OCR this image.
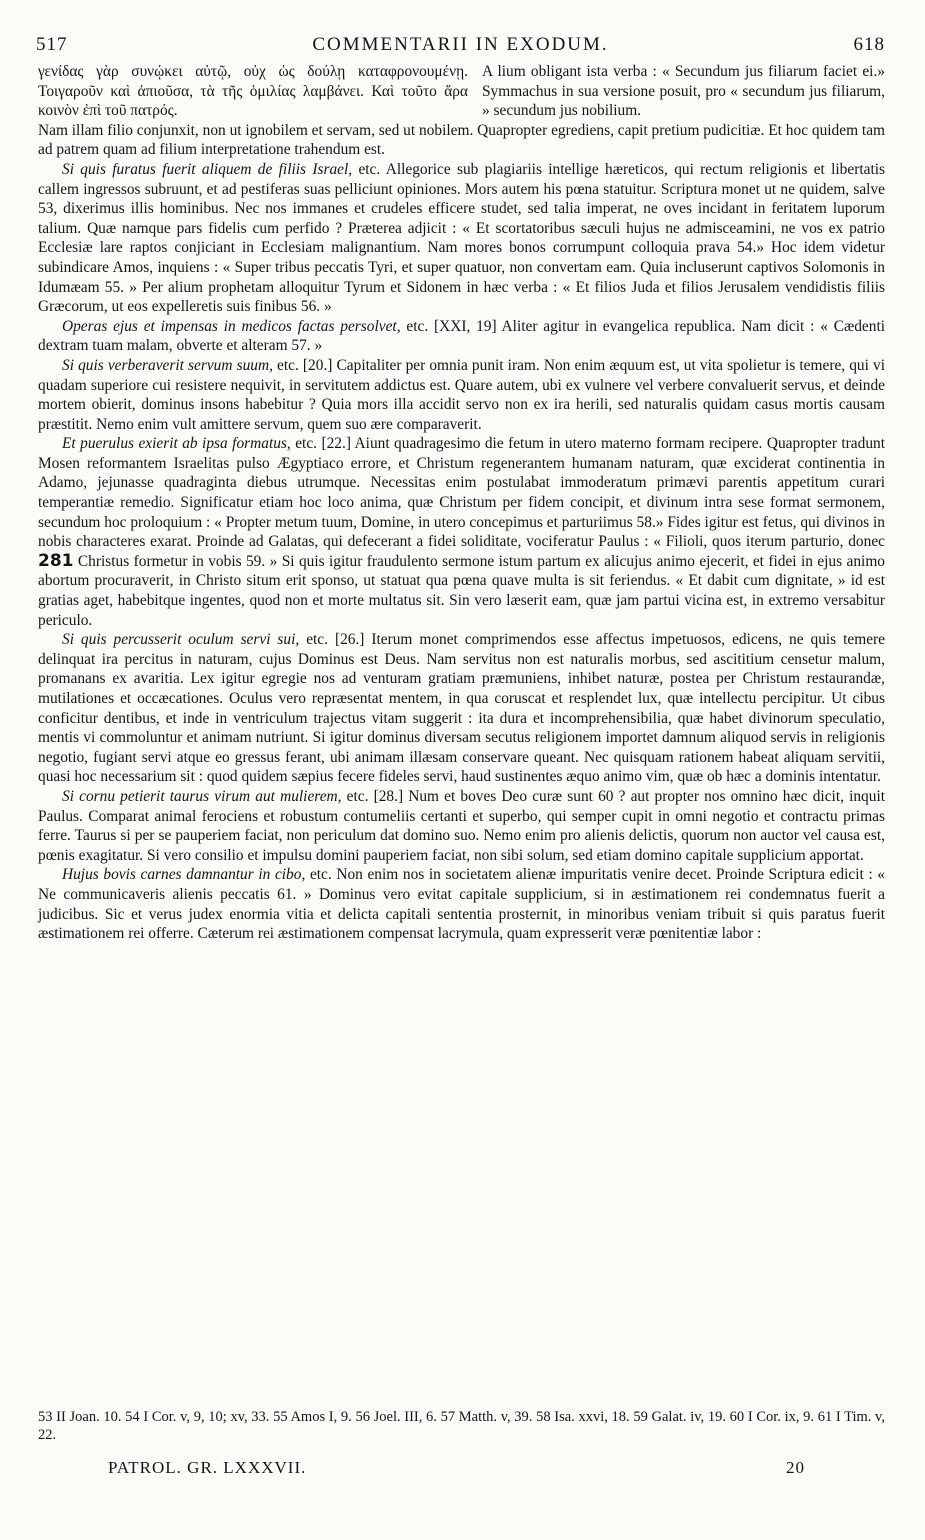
517	COMMENTARII IN EXODUM.	618
γενίδας γὰρ συνῴκει αὐτῷ, οὐχ ὡς δούλῃ καταφρονουμένῃ. Τοιγαροῦν καὶ ἀπιοῦσα, τὰ τῆς ὁμιλίας λαμβάνει. Καὶ τοῦτο ἄρα κοινὸν ἐπὶ τοῦ πατρός.
A lium obligant ista verba : « Secundum jus filiarum faciet ei.» Symmachus in sua versione posuit, pro « secundum jus filiarum, » secundum jus nobilium.

Nam illam filio conjunxit, non ut ignobilem et servam, sed ut nobilem. Quapropter egrediens, capit pretium pudicitiæ. Et hoc quidem tam ad patrem quam ad filium interpretatione trahendum est.

Si quis furatus fuerit aliquem de filiis Israel, etc. Allegorice sub plagiariis intellige hæreticos, qui rectum religionis et libertatis callem ingressos subruunt, et ad pestiferas suas pelliciunt opiniones. Mors autem his pœna statuitur. Scriptura monet ut ne quidem, salve 53, dixerimus illis hominibus. Nec nos immanes et crudeles efficere studet, sed talia imperat, ne oves incidant in feritatem luporum talium. Quæ namque pars fidelis cum perfido ? Præterea adjicit : « Et scortatoribus sæculi hujus ne admisceamini, ne vos ex patrio Ecclesiæ lare raptos conjiciant in Ecclesiam malignantium. Nam mores bonos corrumpunt colloquia prava 54.» Hoc idem videtur subindicare Amos, inquiens : « Super tribus peccatis Tyri, et super quatuor, non convertam eam. Quia incluserunt captivos Solomonis in Idumæam 55. » Per alium prophetam alloquitur Tyrum et Sidonem in hæc verba : « Et filios Juda et filios Jerusalem vendidistis filiis Græcorum, ut eos expelleretis suis finibus 56. »

Operas ejus et impensas in medicos factas persolvet, etc. [XXI, 19] Aliter agitur in evangelica republica. Nam dicit : « Cædenti dextram tuam malam, obverte et alteram 57. »

Si quis verberaverit servum suum, etc. [20.] Capitaliter per omnia punit iram. Non enim æquum est, ut vita spolietur is temere, qui vi quadam superiore cui resistere nequivit, in servitutem addictus est. Quare autem, ubi ex vulnere vel verbere convaluerit servus, et deinde mortem obierit, dominus insons habebitur ? Quia mors illa accidit servo non ex ira herili, sed naturalis quidam casus mortis causam præstitit. Nemo enim vult amittere servum, quem suo ære comparaverit.

Et puerulus exierit ab ipsa formatus, etc. [22.] Aiunt quadragesimo die fetum in utero materno formam recipere. Quapropter tradunt Mosen reformantem Israelitas pulso Ægyptiaco errore, et Christum regenerantem humanam naturam, quæ exciderat continentia in Adamo, jejunasse quadraginta diebus utrumque. Necessitas enim postulabat immoderatum primævi parentis appetitum curari temperantiæ remedio. Significatur etiam hoc loco anima, quæ Christum per fidem concipit, et divinum intra sese format sermonem, secundum hoc proloquium : « Propter metum tuum, Domine, in utero concepimus et parturiimus 58.» Fides igitur est fetus, qui divinos in nobis characteres exarat. Proinde ad Galatas, qui defecerant a fidei soliditate, vociferatur Paulus : « Filioli, quos iterum parturio, donec 281 Christus formetur in vobis 59. » Si quis igitur fraudulento sermone istum partum ex alicujus animo ejecerit, et fidei in ejus animo abortum procuraverit, in Christo situm erit sponso, ut statuat qua pœna quave multa is sit feriendus. « Et dabit cum dignitate, » id est gratias aget, habebitque ingentes, quod non et morte multatus sit. Sin vero læserit eam, quæ jam partui vicina est, in extremo versabitur periculo.

Si quis percusserit oculum servi sui, etc. [26.] Iterum monet comprimendos esse affectus impetuosos, edicens, ne quis temere delinquat ira percitus in naturam, cujus Dominus est Deus. Nam servitus non est naturalis morbus, sed ascititium censetur malum, promanans ex avaritia. Lex igitur egregie nos ad venturam gratiam præmuniens, inhibet naturæ, postea per Christum restaurandæ, mutilationes et occæcationes. Oculus vero repræsentat mentem, in qua coruscat et resplendet lux, quæ intellectu percipitur. Ut cibus conficitur dentibus, et inde in ventriculum trajectus vitam suggerit : ita dura et incomprehensibilia, quæ habet divinorum speculatio, mentis vi commoluntur et animam nutriunt. Si igitur dominus diversam secutus religionem importet damnum aliquod servis in religionis negotio, fugiant servi atque eo gressus ferant, ubi animam illæsam conservare queant. Nec quisquam rationem habeat aliquam servitii, quasi hoc necessarium sit : quod quidem sæpius fecere fideles servi, haud sustinentes æquo animo vim, quæ ob hæc a dominis intentatur.

Si cornu petierit taurus virum aut mulierem, etc. [28.] Num et boves Deo curæ sunt 60 ? aut propter nos omnino hæc dicit, inquit Paulus. Comparat animal ferociens et robustum contumeliis certanti et superbo, qui semper cupit in omni negotio et contractu primas ferre. Taurus si per se pauperiem faciat, non periculum dat domino suo. Nemo enim pro alienis delictis, quorum non auctor vel causa est, pœnis exagitatur. Si vero consilio et impulsu domini pauperiem faciat, non sibi solum, sed etiam domino capitale supplicium apportat.

Hujus bovis carnes damnantur in cibo, etc. Non enim nos in societatem alienæ impuritatis venire decet. Proinde Scriptura edicit : « Ne communicaveris alienis peccatis 61. » Dominus vero evitat capitale supplicium, si in æstimationem rei condemnatus fuerit a judicibus. Sic et verus judex enormia vitia et delicta capitali sententia prosternit, in minoribus veniam tribuit si quis paratus fuerit æstimationem rei offerre. Cæterum rei æstimationem compensat lacrymula, quam expresserit veræ pœnitentiæ labor :

53 II Joan. 10. 54 I Cor. v, 9, 10; xv, 33. 55 Amos I, 9. 56 Joel. III, 6. 57 Matth. v, 39. 58 Isa. xxvi, 18. 59 Galat. iv, 19. 60 I Cor. ix, 9. 61 I Tim. v, 22.
PATROL. GR. LXXXVII.	20
